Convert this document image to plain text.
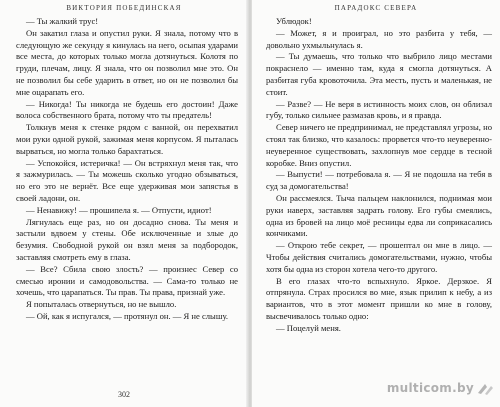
ВИКТОРИЯ ПОБЕДИНСКАЯ

— Ты жалкий трус!

Он закатил глаза и опустил руки. Я знала, потому что в следующую же секунду я кинулась на него, осыпая ударами все места, до которых только могла дотянуться. Колотя по груди, плечам, лицу. Я знала, что он позволил мне это. Он не позволил бы себе ударить в ответ, но он не позволил бы мне оцарапать его.

— Никогда! Ты никогда не будешь его достоин! Даже волоса собственного брата, потому что ты предатель!

Толкнув меня к стенке рядом с ванной, он перехватил мои руки одной рукой, зажимая меня корпусом. Я пыталась вырваться, но могла только барахтаться.

— Успокойся, истеричка! — Он встряхнул меня так, что я зажмурилась. — Ты можешь сколько угодно обзываться, но его это не вернёт. Все еще удерживая мои запястья в своей ладони, он.

— Ненавижу! — прошипела я. — Отпусти, идиот!

Лягнулась еще раз, но он досадно снова. Ты меня и застыли вдвоем у стены. Обе исключенные и злые до безумия. Свободной рукой он взял меня за подбородок, заставляя смотреть ему в глаза.

— Все? Сбила свою злость? — произнес Север со смесью иронии и самодовольства. — Сама-то только не хочешь, что царапаться. Ты прав. Ты права, признай уже.

Я попыталась отвернуться, но не вышло.

— Ой, как я испугался, — протянул он. — Я не слышу.

302
ПАРАДОКС СЕВЕРА

Ублюдок!

— Может, я и проиграл, но это разбита у тебя, — довольно ухмыльнулась я.

— Ты думаешь, что только что выбрило лицо местами покраснело — именно там, куда я смогла дотянуться. А разбитая губа кровоточила. Эта месть, пусть и маленькая, не стоит.

— Разве? — Не веря в истинность моих слов, он облизал губу, только сильнее размазав кровь, и я правда.

Север ничего не предпринимал, не представлял угрозы, но стоял так близко, что казалось: прорвется что-то неуверенно-неуверенное существовать, захлопнув мое сердце в тесной коробке. Вниз опустил.

— Выпусти! — потребовала я. — Я не подошла на тебя в суд за домогательства!

Он рассмеялся. Тыча пальцем наклонился, поднимая мои руки наверх, заставляя задрать голову. Его губы смеялись, одна из бровей на лицо моё ресницы едва ли соприкасались кончиками.

— Открою тебе секрет, — прошептал он мне в лицо. — Чтобы действия считались домогательствами, нужно, чтобы хотя бы одна из сторон хотела чего-то другого.

В его глазах что-то вспыхнуло. Яркое. Дерзкое. Я отпрянула. Страх просился во мне, язык прилип к небу, а из вариантов, что в этот момент пришли ко мне в голову, высвечивалось только одно:

— Поцелуй меня.

multicom.by
